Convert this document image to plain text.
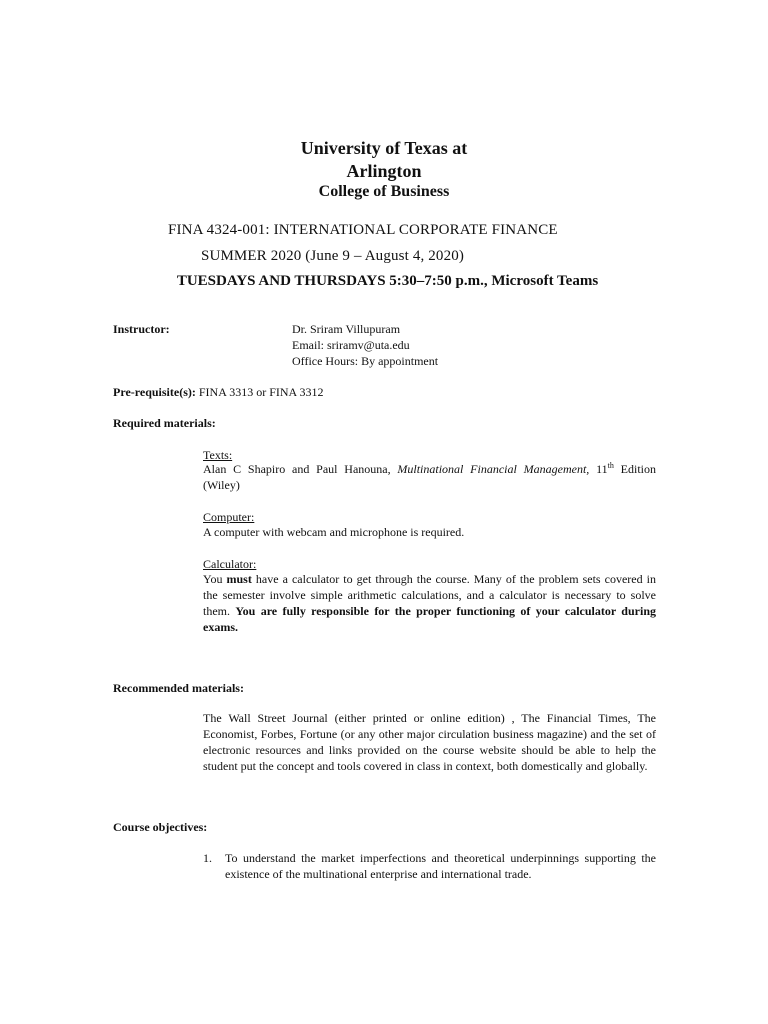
University of Texas at
Arlington
College of Business
FINA 4324-001: INTERNATIONAL CORPORATE FINANCE
SUMMER 2020 (June 9 – August 4, 2020)
TUESDAYS AND THURSDAYS 5:30–7:50 p.m., Microsoft Teams
Instructor:	Dr. Sriram Villupuram
Email: sriramv@uta.edu
Office Hours: By appointment
Pre-requisite(s): FINA 3313 or FINA 3312
Required materials:
Texts:
Alan C Shapiro and Paul Hanouna, Multinational Financial Management, 11th Edition (Wiley)
Computer:
A computer with webcam and microphone is required.
Calculator:
You must have a calculator to get through the course. Many of the problem sets covered in the semester involve simple arithmetic calculations, and a calculator is necessary to solve them. You are fully responsible for the proper functioning of your calculator during exams.
Recommended materials:
The Wall Street Journal (either printed or online edition) , The Financial Times, The Economist, Forbes, Fortune (or any other major circulation business magazine) and the set of electronic resources and links provided on the course website should be able to help the student put the concept and tools covered in class in context, both domestically and globally.
Course objectives:
1. To understand the market imperfections and theoretical underpinnings supporting the existence of the multinational enterprise and international trade.
